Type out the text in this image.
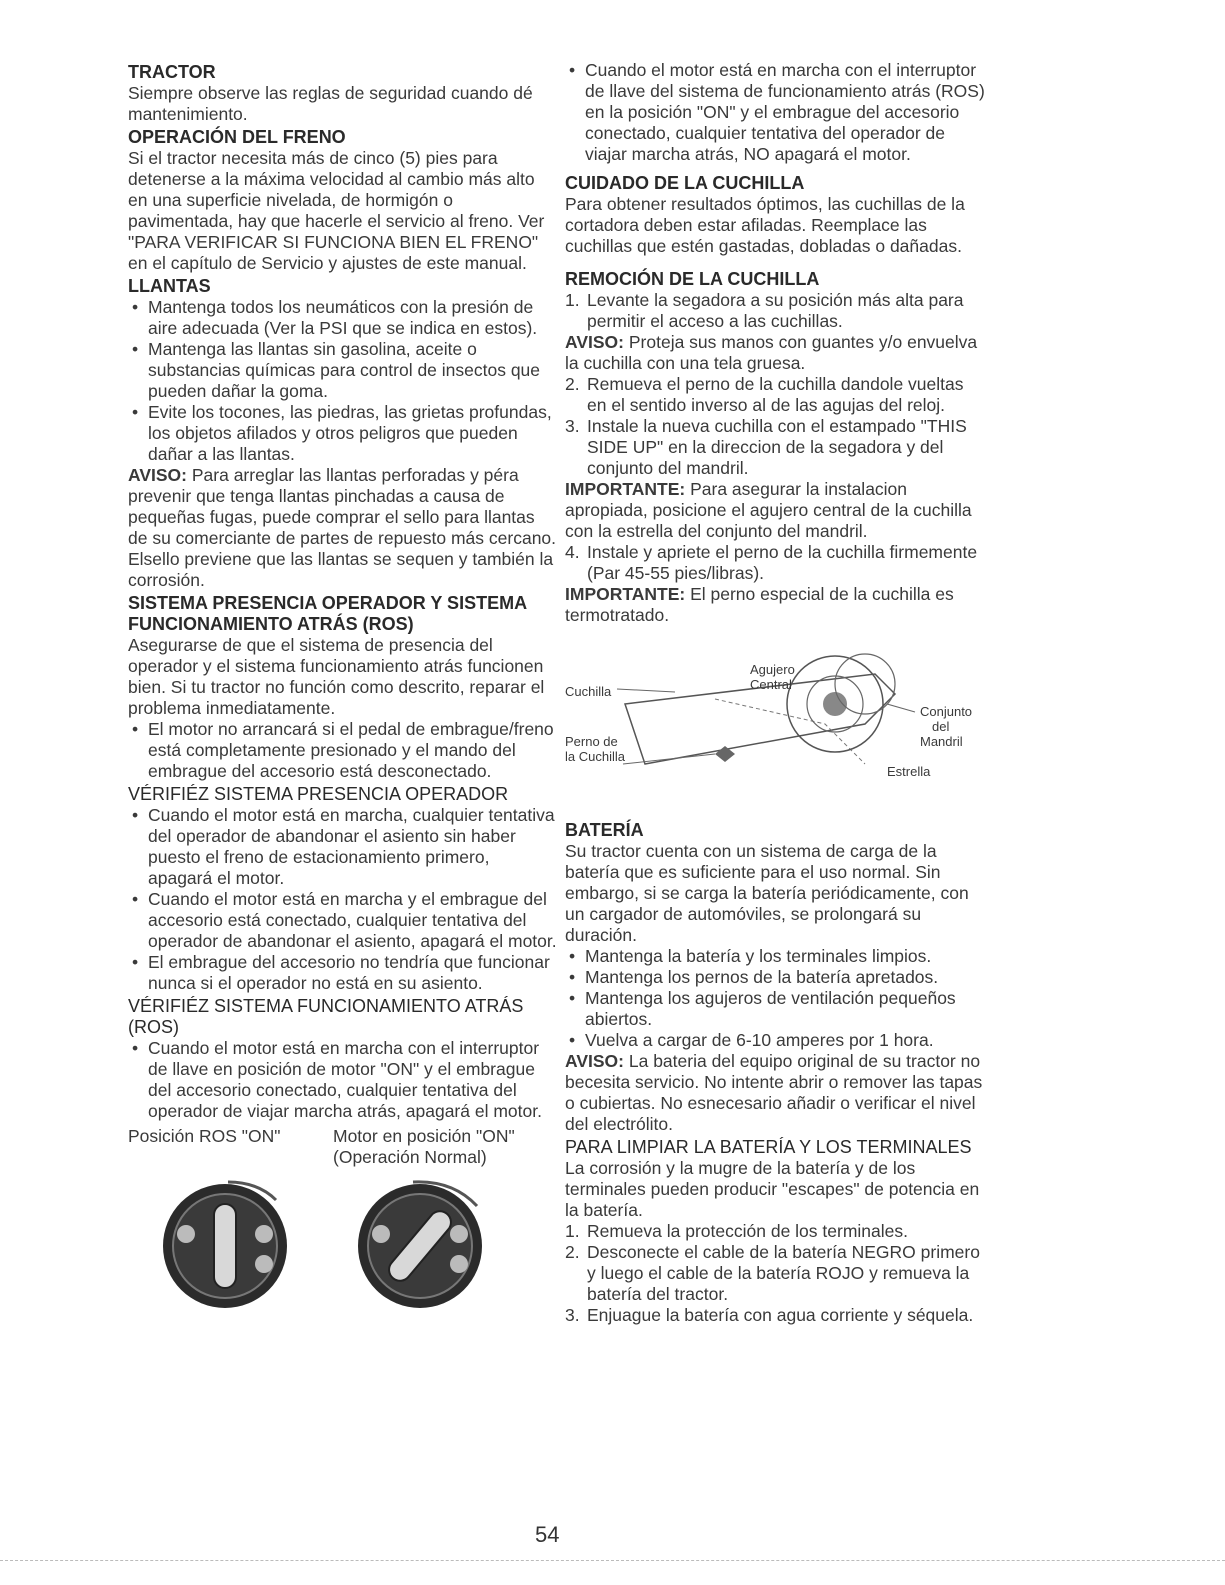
TRACTOR

Siempre observe las reglas de seguridad cuando dé mantenimiento.

OPERACIÓN DEL FRENO

Si el tractor necesita más de cinco (5) pies para detenerse a la máxima velocidad al cambio más alto en una superficie nivelada, de hormigón o pavimentada, hay que hacerle el servicio al freno. Ver "PARA VERIFICAR SI FUNCIONA BIEN EL FRENO" en el capítulo de Servicio y ajustes de este manual.

LLANTAS
• Mantenga todos los neumáticos con la presión de aire adecuada (Ver la PSI que se indica en estos).
• Mantenga las llantas sin gasolina, aceite o substancias químicas para control de insectos que pueden dañar la goma.
• Evite los tocones, las piedras, las grietas profundas, los objetos afilados y otros peligros que pueden dañar a las llantas.

AVISO: Para arreglar las llantas perforadas y péra prevenir que tenga llantas pinchadas a causa de pequeñas fugas, puede comprar el sello para llantas de su comerciante de partes de repuesto más cercano. Elsello previene que las llantas se sequen y también la corrosión.

SISTEMA PRESENCIA OPERADOR Y SISTEMA FUNCIONAMIENTO ATRÁS (ROS)

Asegurarse de que el sistema de presencia del operador y el sistema funcionamiento atrás funcionen bien. Si tu tractor no función como descrito, reparar el problema inmediatamente.

• El motor no arrancará si el pedal de embrague/freno está completamente presionado y el mando del embrague del accesorio está desconectado.
VÉRIFIÉZ SISTEMA PRESENCIA OPERADOR
• Cuando el motor está en marcha, cualquier tentativa del operador de abandonar el asiento sin haber puesto el freno de estacionamiento primero, apagará el motor.
• Cuando el motor está en marcha y el embrague del accesorio está conectado, cualquier tentativa del operador de abandonar el asiento, apagará el motor.
• El embrague del accesorio no tendría que funcionar nunca si el operador no está en su asiento.
VÉRIFIÉZ SISTEMA FUNCIONAMIENTO ATRÁS (ROS)
• Cuando el motor está en marcha con el interruptor de llave en posición de motor "ON" y el embrague del accesorio conectado, cualquier tentativa del operador de viajar marcha atrás, apagará el motor.
Posición ROS "ON"	Motor en posición "ON" (Operación Normal)
• Cuando el motor está en marcha con el interruptor de llave del sistema de funcionamiento atrás (ROS) en la posición "ON" y el embrague del accesorio conectado, cualquier tentativa del operador de viajar marcha atrás, NO apagará el motor.
CUIDADO DE LA CUCHILLA

Para obtener resultados óptimos, las cuchillas de la cortadora deben estar afiladas. Reemplace las cuchillas que estén gastadas, dobladas o dañadas.

REMOCIÓN DE LA CUCHILLA
1. Levante la segadora a su posición más alta para permitir el acceso a las cuchillas.

AVISO: Proteja sus manos con guantes y/o envuelva la cuchilla con una tela gruesa.

2. Remueva el perno de la cuchilla dandole vueltas en el sentido inverso al de las agujas del reloj.
3. Instale la nueva cuchilla con el estampado "THIS SIDE UP" en la direccion de la segadora y del conjunto del mandril.

IMPORTANTE: Para asegurar la instalacion apropiada, posicione el agujero central de la cuchilla con la estrella del conjunto del mandril.

4. Instale y apriete el perno de la cuchilla firmemente (Par 45-55 pies/libras).

IMPORTANTE: El perno especial de la cuchilla es termotratado.

Cuchilla
Agujero
Central
Conjunto
del
Mandril
Perno de
la Cuchilla
Estrella
BATERÍA

Su tractor cuenta con un sistema de carga de la batería que es suficiente para el uso normal. Sin embargo, si se carga la batería periódicamente, con un cargador de automóviles, se prolongará su duración.

• Mantenga la batería y los terminales limpios.
• Mantenga los pernos de la batería apretados.
• Mantenga los agujeros de ventilación pequeños abiertos.
• Vuelva a cargar de 6-10 amperes por 1 hora.

AVISO: La bateria del equipo original de su tractor no becesita servicio. No intente abrir o remover las tapas o cubiertas. No esnecesario añadir o verificar el nivel del electrólito.

PARA LIMPIAR LA BATERÍA Y LOS TERMINALES

La corrosión y la mugre de la batería y de los terminales pueden producir "escapes" de potencia en la batería.

1. Remueva la protección de los terminales.
2. Desconecte el cable de la batería NEGRO primero y luego el cable de la batería ROJO y remueva la batería del tractor.
3. Enjuague la batería con agua corriente y séquela.
54
